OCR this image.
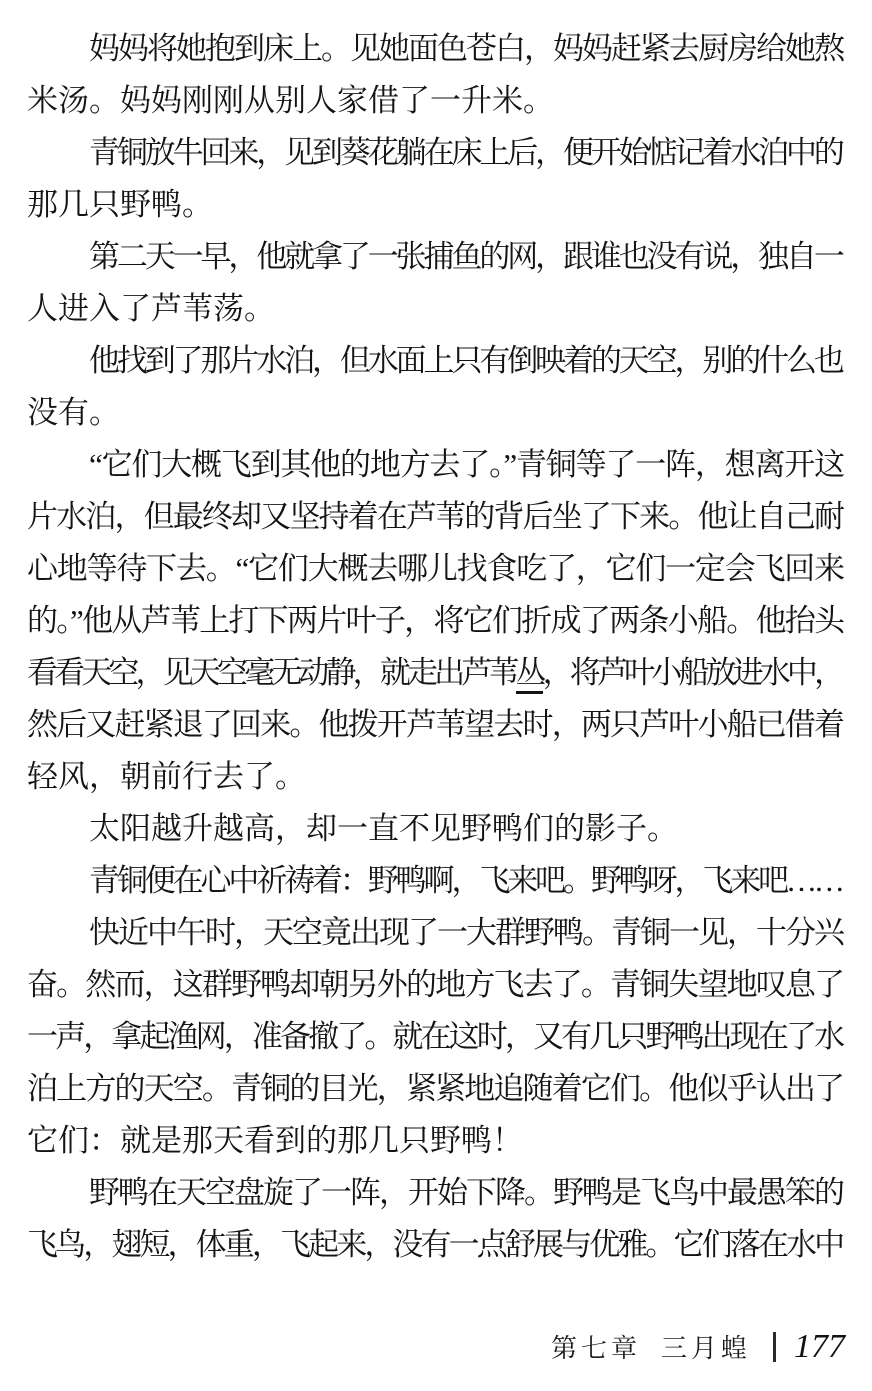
妈妈将她抱到床上。见她面色苍白，妈妈赶紧去厨房给她熬
米汤。妈妈刚刚从别人家借了一升米。
青铜放牛回来，见到葵花躺在床上后，便开始惦记着水泊中的
那几只野鸭。
第二天一早，他就拿了一张捕鱼的网，跟谁也没有说，独自一
人进入了芦苇荡。
他找到了那片水泊，但水面上只有倒映着的天空，别的什么也
没有。
“它们大概飞到其他的地方去了。”青铜等了一阵，想离开这
片水泊，但最终却又坚持着在芦苇的背后坐了下来。他让自己耐
心地等待下去。“它们大概去哪儿找食吃了，它们一定会飞回来
的。”他从芦苇上打下两片叶子，将它们折成了两条小船。他抬头
看看天空，见天空毫无动静，就走出芦苇丛，将芦叶小船放进水中，
然后又赶紧退了回来。他拨开芦苇望去时，两只芦叶小船已借着
轻风，朝前行去了。
太阳越升越高，却一直不见野鸭们的影子。
青铜便在心中祈祷着：野鸭啊，飞来吧。野鸭呀，飞来吧……
快近中午时，天空竟出现了一大群野鸭。青铜一见，十分兴
奋。然而，这群野鸭却朝另外的地方飞去了。青铜失望地叹息了
一声，拿起渔网，准备撤了。就在这时，又有几只野鸭出现在了水
泊上方的天空。青铜的目光，紧紧地追随着它们。他似乎认出了
它们：就是那天看到的那几只野鸭！
野鸭在天空盘旋了一阵，开始下降。野鸭是飞鸟中最愚笨的
飞鸟，翅短，体重，飞起来，没有一点舒展与优雅。它们落在水中
第七章 三月蝗 177
